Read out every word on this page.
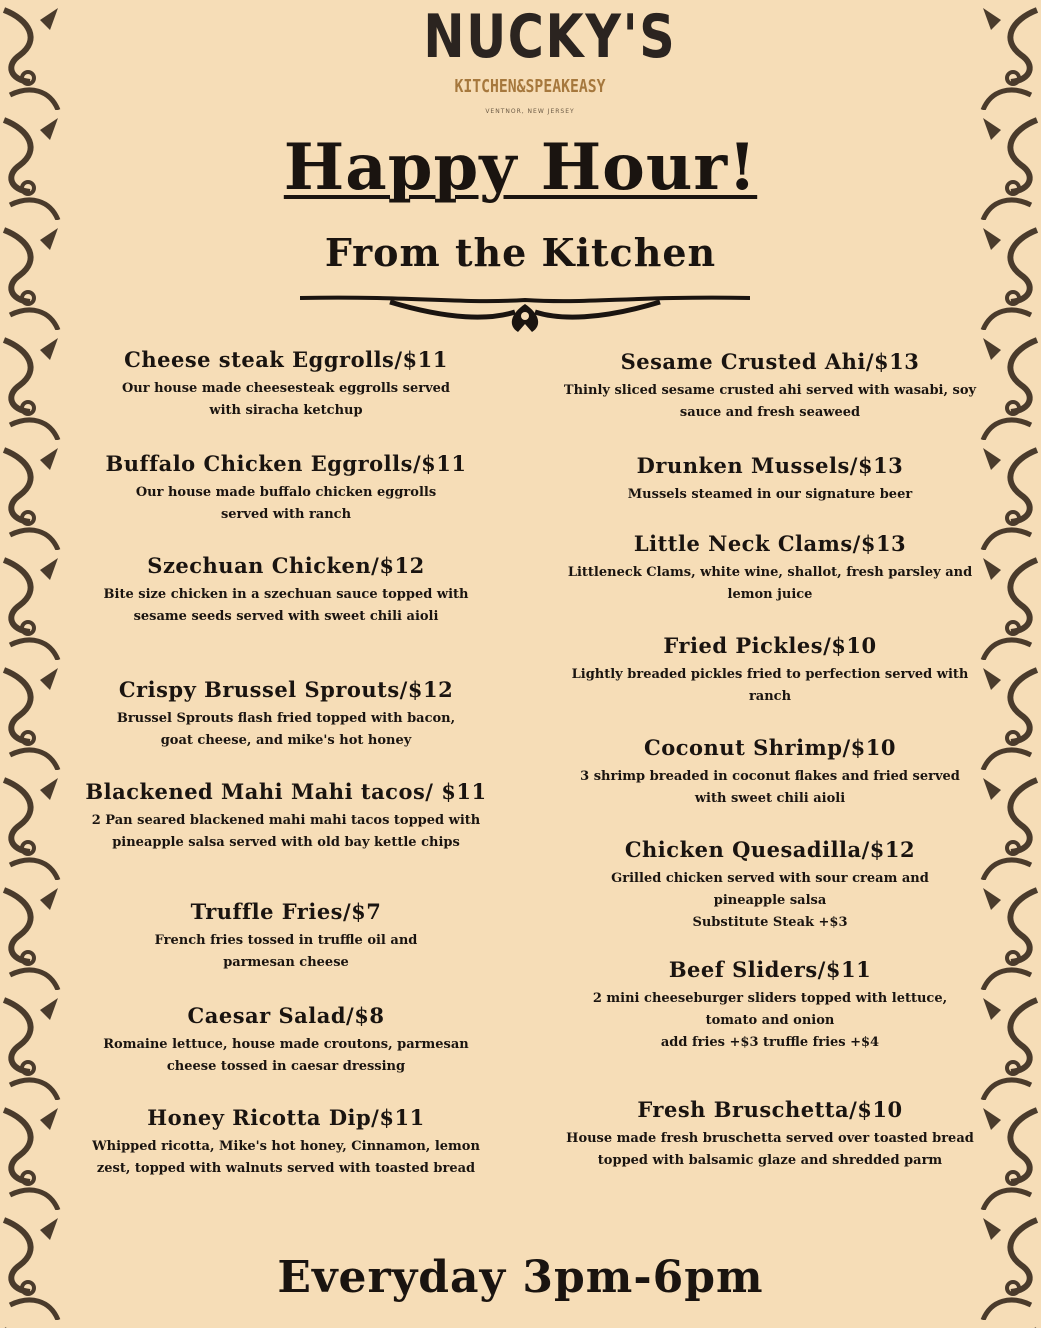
NUCKY'S
KITCHEN&SPEAKEASY
VENTNOR, NEW JERSEY
Happy Hour!
From the Kitchen
Cheese steak Eggrolls/$11
Our house made cheesesteak eggrolls served with siracha ketchup
Buffalo Chicken Eggrolls/$11
Our house made buffalo chicken eggrolls served with ranch
Szechuan Chicken/$12
Bite size chicken in a szechuan sauce topped with sesame seeds served with sweet chili aioli
Crispy Brussel Sprouts/$12
Brussel Sprouts flash fried topped with bacon, goat cheese, and mike's hot honey
Blackened Mahi Mahi tacos/ $11
2 Pan seared blackened mahi mahi tacos topped with pineapple salsa served with old bay kettle chips
Truffle Fries/$7
French fries tossed in truffle oil and parmesan cheese
Caesar Salad/$8
Romaine lettuce, house made croutons, parmesan cheese tossed in caesar dressing
Honey Ricotta Dip/$11
Whipped ricotta, Mike's hot honey, Cinnamon, lemon zest, topped with walnuts served with toasted bread
Sesame Crusted Ahi/$13
Thinly sliced sesame crusted ahi served with wasabi, soy sauce and fresh seaweed
Drunken Mussels/$13
Mussels steamed in our signature beer
Little Neck Clams/$13
Littleneck Clams, white wine, shallot, fresh parsley and lemon juice
Fried Pickles/$10
Lightly breaded pickles fried to perfection served with ranch
Coconut Shrimp/$10
3 shrimp breaded in coconut flakes and fried served with sweet chili aioli
Chicken Quesadilla/$12
Grilled chicken served with sour cream and pineapple salsa
Substitute Steak +$3
Beef Sliders/$11
2 mini cheeseburger sliders topped with lettuce, tomato and onion
add fries +$3 truffle fries +$4
Fresh Bruschetta/$10
House made fresh bruschetta served over toasted bread topped with balsamic glaze and shredded parm
Everyday 3pm-6pm
